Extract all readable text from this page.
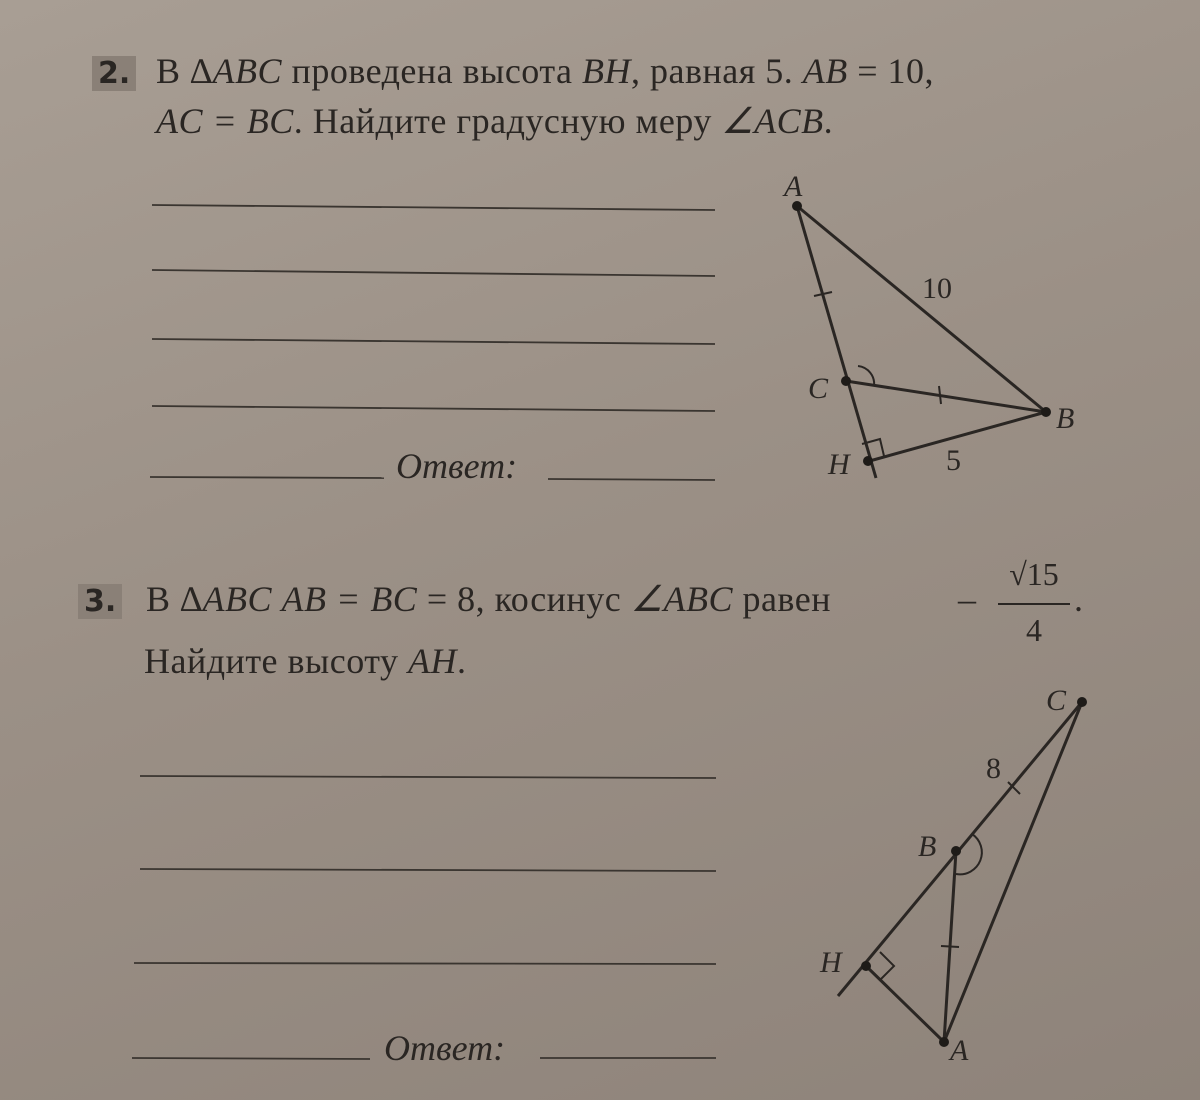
2. В ∆ABC проведена высота BH, равная 5. AB = 10,
AC = BC. Найдите градусную меру ∠ACB.
Ответ:
3. В ∆ABC AB = BC = 8, косинус ∠ABC равен	–
√15
4
.
Найдите высоту AH.
Ответ:
A
B
C
H
10
5
C
B
A
H
8
